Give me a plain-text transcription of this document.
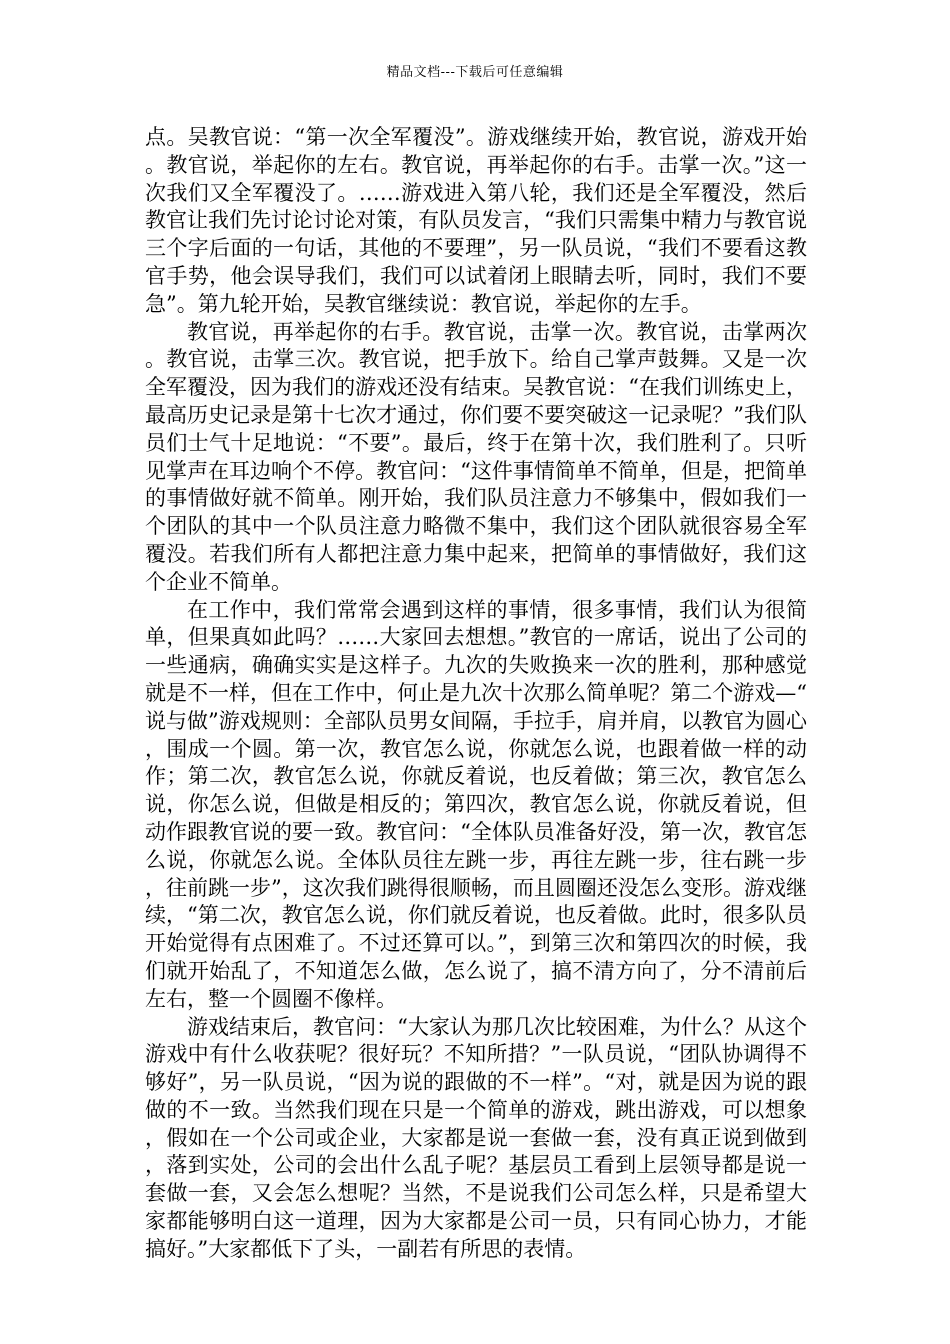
精品文档---下载后可任意编辑

点。吴教官说：“第一次全军覆没”。游戏继续开始，教官说，游戏开始。教官说，举起你的左右。教官说，再举起你的右手。击掌一次。”这一次我们又全军覆没了。……游戏进入第八轮，我们还是全军覆没，然后教官让我们先讨论讨论对策，有队员发言，“我们只需集中精力与教官说三个字后面的一句话，其他的不要理”，另一队员说，“我们不要看这教官手势，他会误导我们，我们可以试着闭上眼睛去听，同时，我们不要急”。第九轮开始，吴教官继续说：教官说，举起你的左手。

教官说，再举起你的右手。教官说，击掌一次。教官说，击掌两次。教官说，击掌三次。教官说，把手放下。给自己掌声鼓舞。又是一次全军覆没，因为我们的游戏还没有结束。吴教官说：“在我们训练史上，最高历史记录是第十七次才通过，你们要不要突破这一记录呢？”我们队员们士气十足地说：“不要”。最后，终于在第十次，我们胜利了。只听见掌声在耳边响个不停。教官问：“这件事情简单不简单，但是，把简单的事情做好就不简单。刚开始，我们队员注意力不够集中，假如我们一个团队的其中一个队员注意力略微不集中，我们这个团队就很容易全军覆没。若我们所有人都把注意力集中起来，把简单的事情做好，我们这个企业不简单。

在工作中，我们常常会遇到这样的事情，很多事情，我们认为很简单，但果真如此吗？……大家回去想想。”教官的一席话，说出了公司的一些通病，确确实实是这样子。九次的失败换来一次的胜利，那种感觉就是不一样，但在工作中，何止是九次十次那么简单呢？第二个游戏—“说与做”游戏规则：全部队员男女间隔，手拉手，肩并肩，以教官为圆心，围成一个圆。第一次，教官怎么说，你就怎么说，也跟着做一样的动作；第二次，教官怎么说，你就反着说，也反着做；第三次，教官怎么说，你怎么说，但做是相反的；第四次，教官怎么说，你就反着说，但动作跟教官说的要一致。教官问：“全体队员准备好没，第一次，教官怎么说，你就怎么说。全体队员往左跳一步，再往左跳一步，往右跳一步，往前跳一步”，这次我们跳得很顺畅，而且圆圈还没怎么变形。游戏继续，“第二次，教官怎么说，你们就反着说，也反着做。此时，很多队员开始觉得有点困难了。不过还算可以。”，到第三次和第四次的时候，我们就开始乱了，不知道怎么做，怎么说了，搞不清方向了，分不清前后左右，整一个圆圈不像样。

游戏结束后，教官问：“大家认为那几次比较困难，为什么？从这个游戏中有什么收获呢？很好玩？不知所措？”一队员说，“团队协调得不够好”，另一队员说，“因为说的跟做的不一样”。“对，就是因为说的跟做的不一致。当然我们现在只是一个简单的游戏，跳出游戏，可以想象，假如在一个公司或企业，大家都是说一套做一套，没有真正说到做到，落到实处，公司的会出什么乱子呢？基层员工看到上层领导都是说一套做一套，又会怎么想呢？当然，不是说我们公司怎么样，只是希望大家都能够明白这一道理，因为大家都是公司一员，只有同心协力，才能搞好。”大家都低下了头，一副若有所思的表情。
